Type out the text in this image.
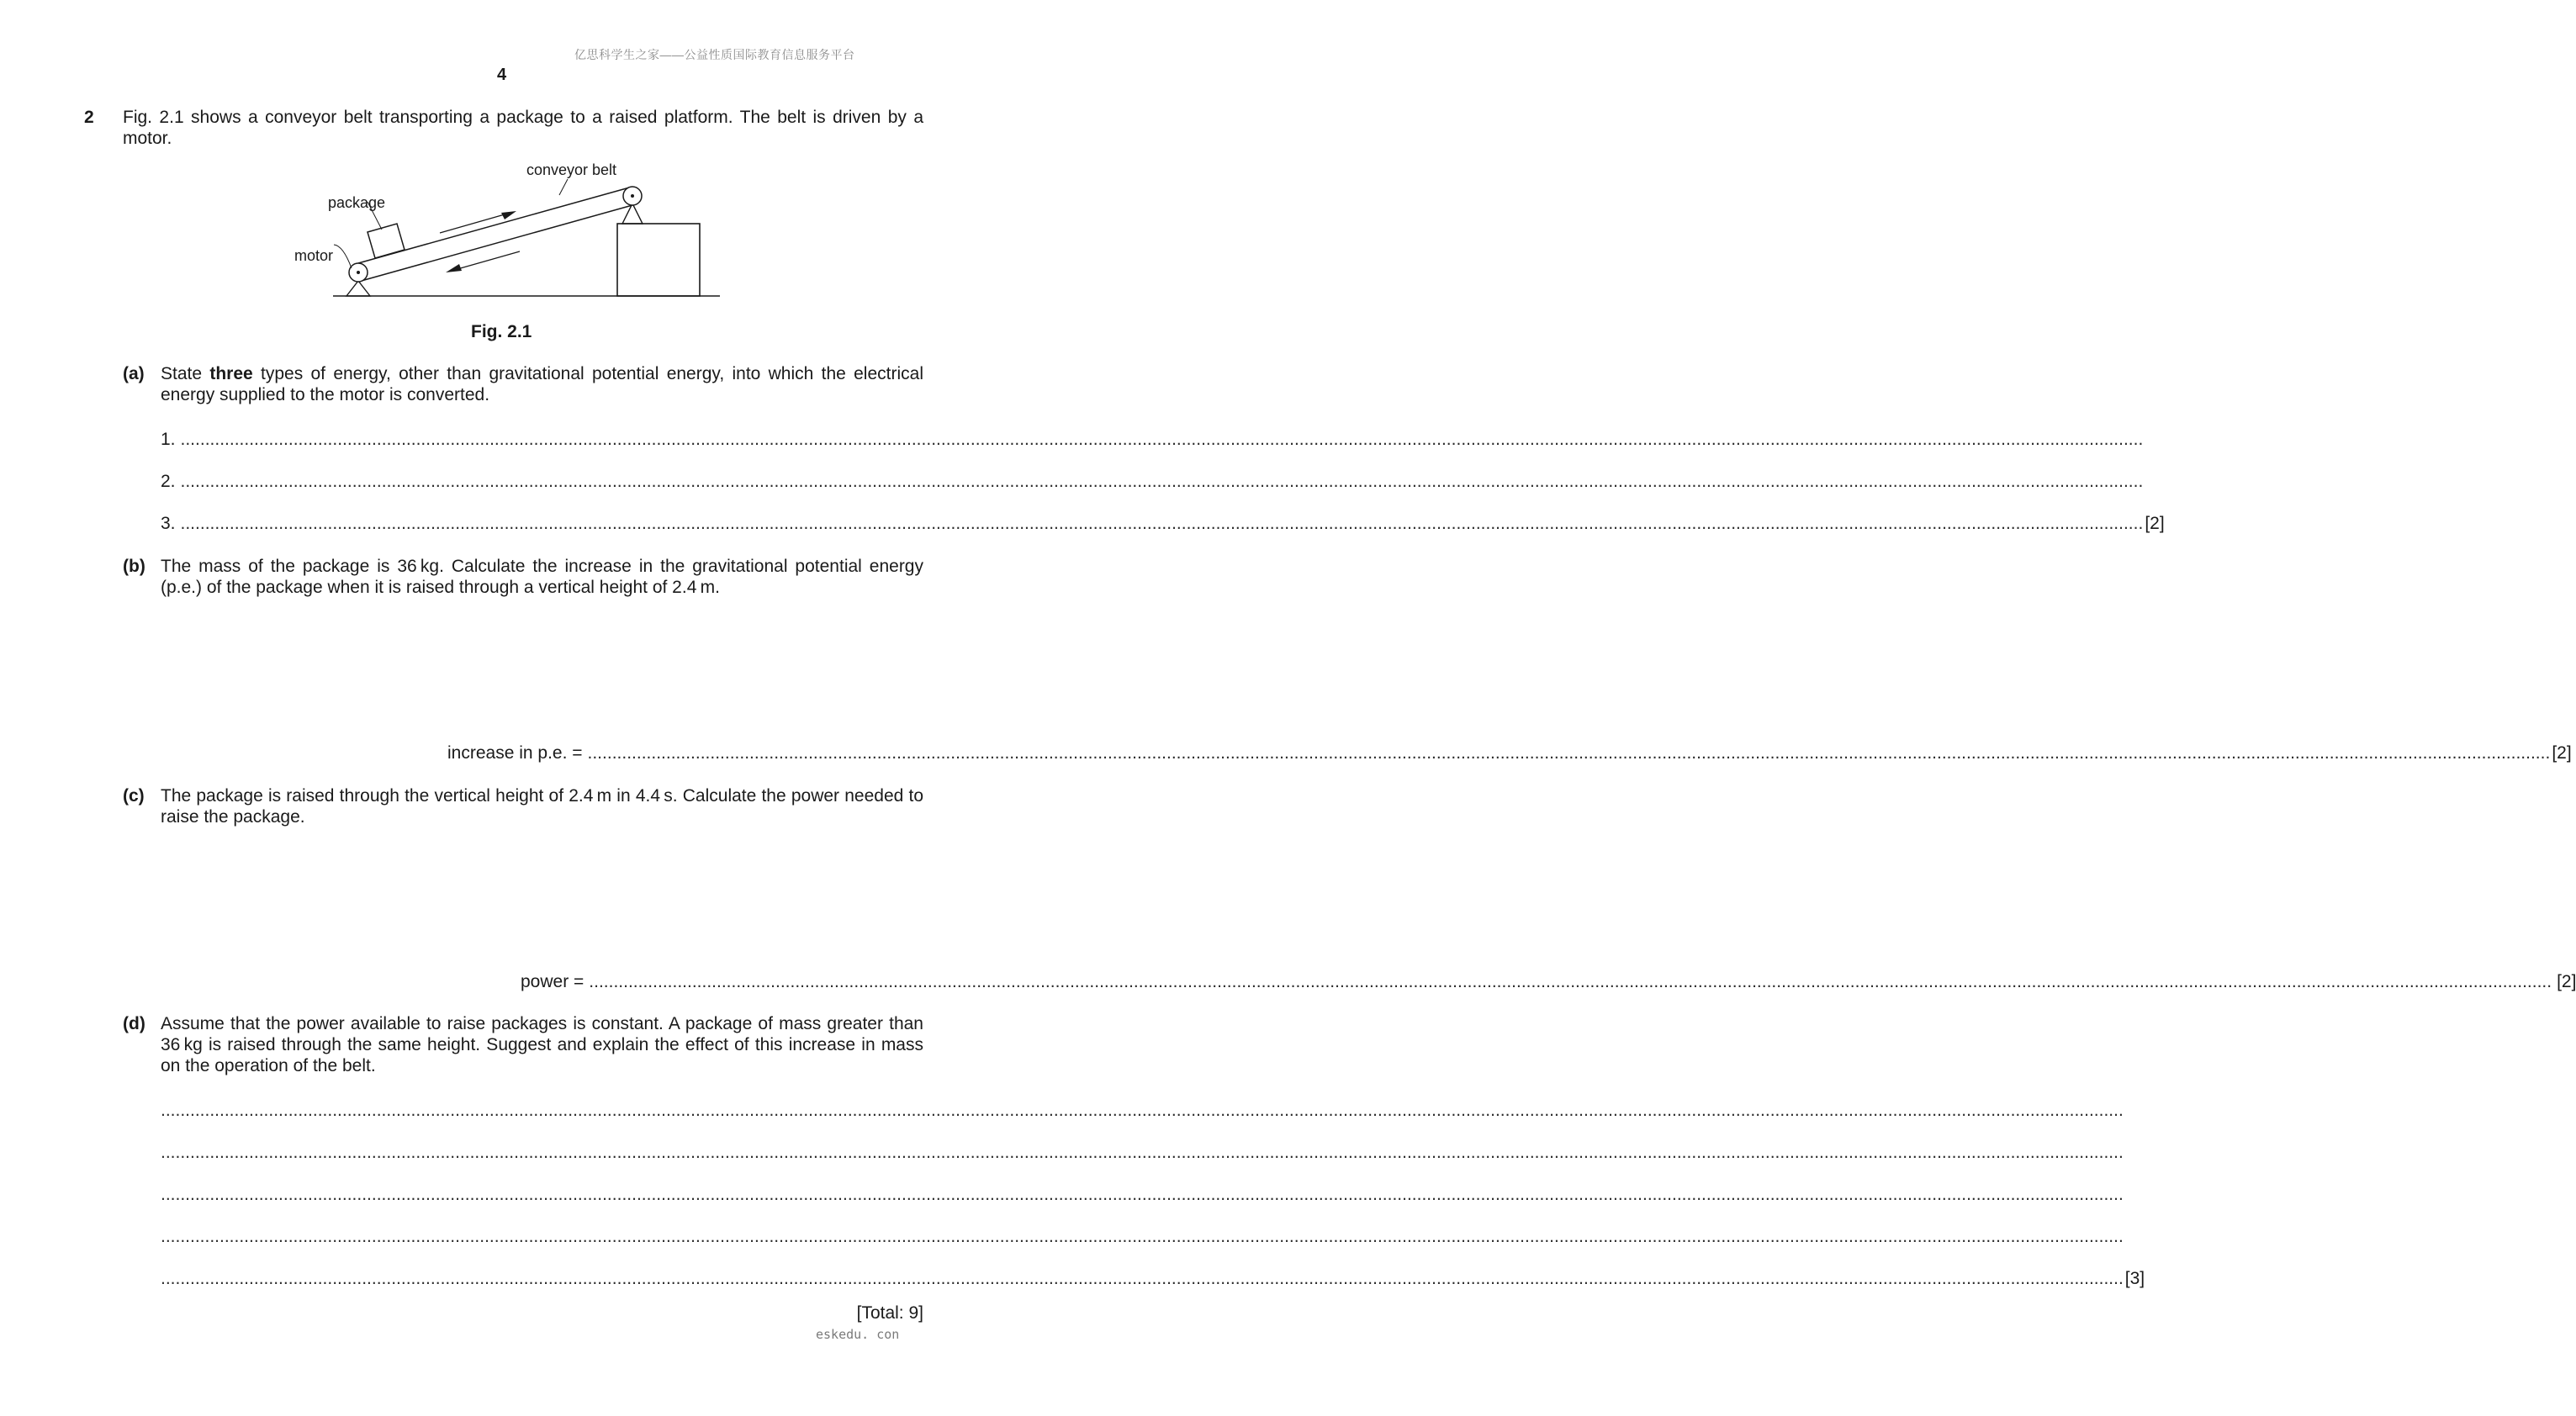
亿思科学生之家——公益性质国际教育信息服务平台
4
2 Fig. 2.1 shows a conveyor belt transporting a package to a raised platform. The belt is driven by a motor.
conveyor belt
package
motor
Fig. 2.1
(a) State three types of energy, other than gravitational potential energy, into which the electrical energy supplied to the motor is converted.
1. ................................................................................................................................................................................................................................................................................................................................................................................................................
2. ................................................................................................................................................................................................................................................................................................................................................................................................................
3. ................................................................................................................................................................................................................................................................................................................................................................................................................ [2]
(b) The mass of the package is 36 kg. Calculate the increase in the gravitational potential energy (p.e.) of the package when it is raised through a vertical height of 2.4 m.
increase in p.e. = ................................................................................................................................................................................................................................................................................................................................................................................................................ [2]
(c) The package is raised through the vertical height of 2.4 m in 4.4 s. Calculate the power needed to raise the package.
power = ................................................................................................................................................................................................................................................................................................................................................................................................................ [2]
(d) Assume that the power available to raise packages is constant. A package of mass greater than 36 kg is raised through the same height. Suggest and explain the effect of this increase in mass on the operation of the belt.
................................................................................................................................................................................................................................................................................................................................................................................................................
................................................................................................................................................................................................................................................................................................................................................................................................................
................................................................................................................................................................................................................................................................................................................................................................................................................
................................................................................................................................................................................................................................................................................................................................................................................................................
................................................................................................................................................................................................................................................................................................................................................................................................................ [3]
[Total: 9]
eskedu. con
